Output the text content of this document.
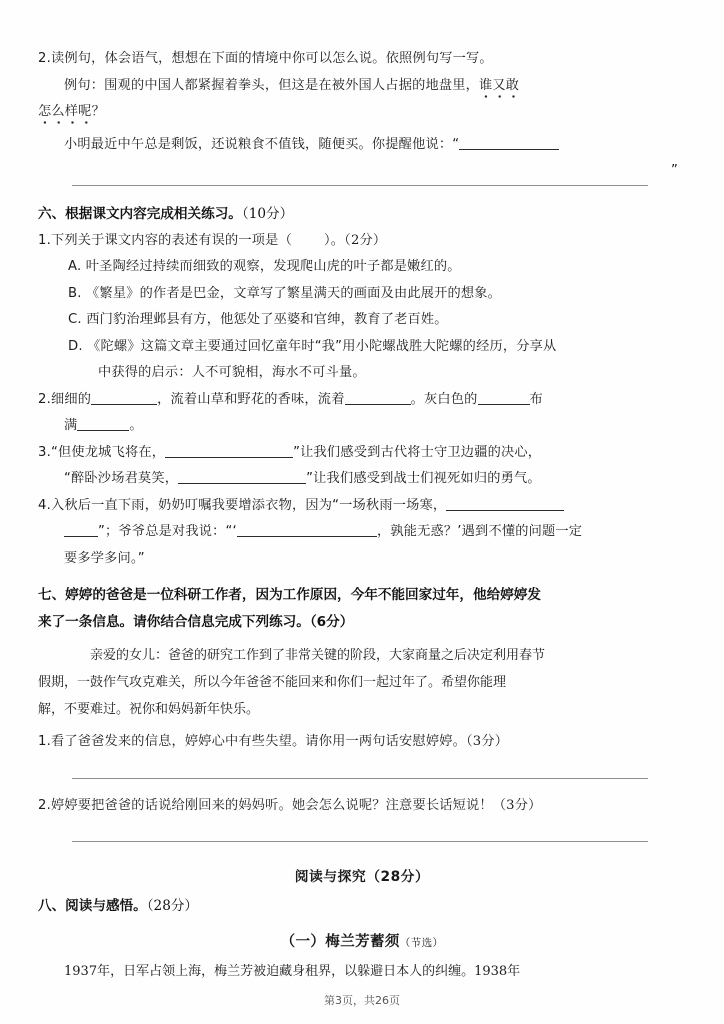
2.读例句，体会语气，想想在下面的情境中你可以怎么说。依照例句写一写。
例句：围观的中国人都紧握着拳头，但这是在被外国人占据的地盘里，谁又敢
怎么样呢？
小明最近中午总是剩饭，还说粮食不值钱，随便买。你提醒他说：“
”
六、根据课文内容完成相关练习。（10分）
1.下列关于课文内容的表述有误的一项是（ ）。（2分）
A. 叶圣陶经过持续而细致的观察，发现爬山虎的叶子都是嫩红的。
B. 《繁星》的作者是巴金，文章写了繁星满天的画面及由此展开的想象。
C. 西门豹治理邺县有方，他惩处了巫婆和官绅，教育了老百姓。
D. 《陀螺》这篇文章主要通过回忆童年时“我”用小陀螺战胜大陀螺的经历，分享从
中获得的启示：人不可貌相，海水不可斗量。
2.细细的	，流着山草和野花的香味，流着	。灰白色的	布
满	。
3.“但使龙城飞将在，	”让我们感受到古代将士守卫边疆的决心，
“醉卧沙场君莫笑，	”让我们感受到战士们视死如归的勇气。
4.入秋后一直下雨，奶奶叮嘱我要增添衣物，因为“一场秋雨一场寒，
”；爷爷总是对我说：“‘	，孰能无惑？’遇到不懂的问题一定
要多学多问。”
七、婷婷的爸爸是一位科研工作者，因为工作原因，今年不能回家过年，他给婷婷发
来了一条信息。请你结合信息完成下列练习。（6分）
亲爱的女儿：爸爸的研究工作到了非常关键的阶段，大家商量之后决定利用春节
假期，一鼓作气攻克难关，所以今年爸爸不能回来和你们一起过年了。希望你能理
解，不要难过。祝你和妈妈新年快乐。
1.看了爸爸发来的信息，婷婷心中有些失望。请你用一两句话安慰婷婷。（3分）
2.婷婷要把爸爸的话说给刚回来的妈妈听。她会怎么说呢？注意要长话短说！（3分）
阅读与探究（28分）
八、阅读与感悟。（28分）
（一）梅兰芳蓄须（节选）
1937年，日军占领上海，梅兰芳被迫藏身租界，以躲避日本人的纠缠。1938年
第3页，共26页
